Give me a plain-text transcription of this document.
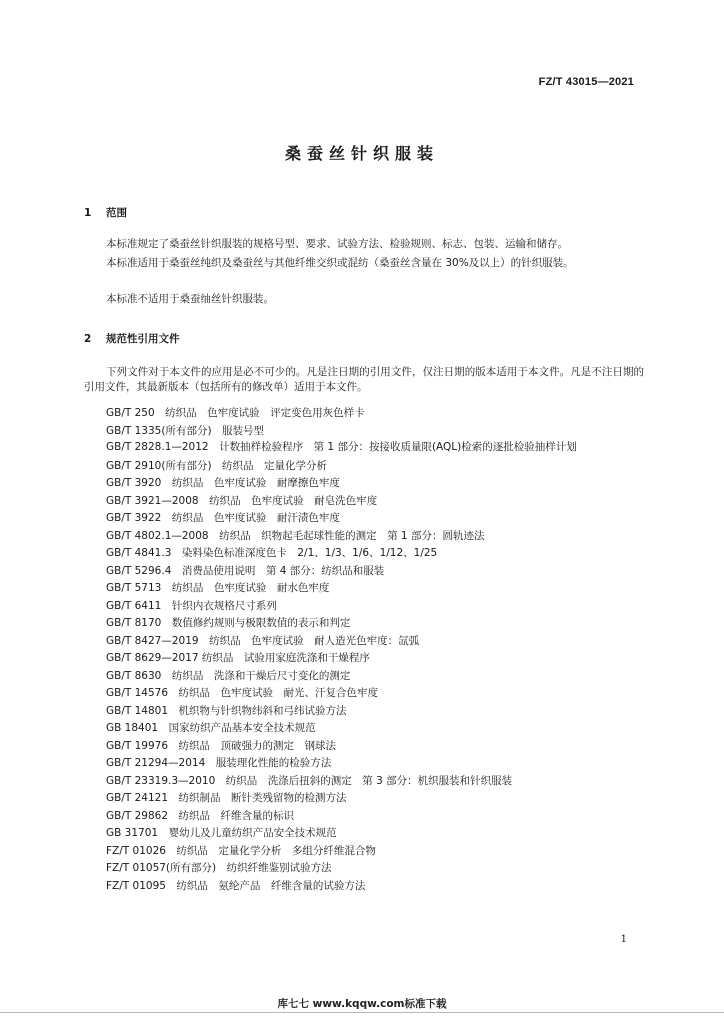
FZ/T 43015—2021
桑蚕丝针织服装
1 范围
本标准规定了桑蚕丝针织服装的规格号型、要求、试验方法、检验规则、标志、包装、运输和储存。
本标准适用于桑蚕丝纯织及桑蚕丝与其他纤维交织或混纺（桑蚕丝含量在 30%及以上）的针织服装。
本标准不适用于桑蚕䌷丝针织服装。
2 规范性引用文件
下列文件对于本文件的应用是必不可少的。凡是注日期的引用文件，仅注日期的版本适用于本文件。凡是不注日期的引用文件，其最新版本（包括所有的修改单）适用于本文件。
GB/T 250　纺织品　色牢度试验　评定变色用灰色样卡
GB/T 1335(所有部分)　服装号型
GB/T 2828.1—2012　计数抽样检验程序　第 1 部分：按接收质量限(AQL)检索的逐批检验抽样计划
GB/T 2910(所有部分)　纺织品　定量化学分析
GB/T 3920　纺织品　色牢度试验　耐摩擦色牢度
GB/T 3921—2008　纺织品　色牢度试验　耐皂洗色牢度
GB/T 3922　纺织品　色牢度试验　耐汗渍色牢度
GB/T 4802.1—2008　纺织品　织物起毛起球性能的测定　第 1 部分：圆轨迹法
GB/T 4841.3　染料染色标准深度色卡　2/1、1/3、1/6、1/12、1/25
GB/T 5296.4　消费品使用说明　第 4 部分：纺织品和服装
GB/T 5713　纺织品　色牢度试验　耐水色牢度
GB/T 6411　针织内衣规格尺寸系列
GB/T 8170　数值修约规则与极限数值的表示和判定
GB/T 8427—2019　纺织品　色牢度试验　耐人造光色牢度：氙弧
GB/T 8629—2017 纺织品　试验用家庭洗涤和干燥程序
GB/T 8630　纺织品　洗涤和干燥后尺寸变化的测定
GB/T 14576　纺织品　色牢度试验　耐光、汗复合色牢度
GB/T 14801　机织物与针织物纬斜和弓纬试验方法
GB 18401　国家纺织产品基本安全技术规范
GB/T 19976　纺织品　顶破强力的测定　钢球法
GB/T 21294—2014　服装理化性能的检验方法
GB/T 23319.3—2010　纺织品　洗涤后扭斜的测定　第 3 部分：机织服装和针织服装
GB/T 24121　纺织制品　断针类残留物的检测方法
GB/T 29862　纺织品　纤维含量的标识
GB 31701　婴幼儿及儿童纺织产品安全技术规范
FZ/T 01026　纺织品　定量化学分析　多组分纤维混合物
FZ/T 01057(所有部分)　纺织纤维鉴别试验方法
FZ/T 01095　纺织品　氨纶产品　纤维含量的试验方法
1
库七七 www.kqqw.com标准下载
